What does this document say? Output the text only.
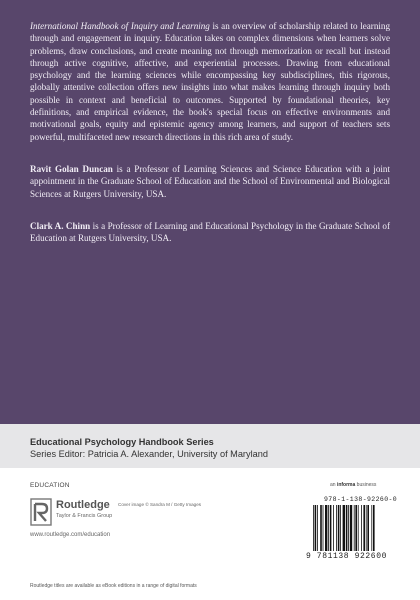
International Handbook of Inquiry and Learning is an overview of scholarship related to learning through and engagement in inquiry. Education takes on complex dimensions when learners solve problems, draw conclusions, and create meaning not through memorization or recall but instead through active cognitive, affective, and experiential processes. Drawing from educational psychology and the learning sciences while encompassing key subdisciplines, this rigorous, globally attentive collection offers new insights into what makes learning through inquiry both possible in context and beneficial to outcomes. Supported by foundational theories, key definitions, and empirical evidence, the book's special focus on effective environments and motivational goals, equity and epistemic agency among learners, and support of teachers sets powerful, multifaceted new research directions in this rich area of study.

Ravit Golan Duncan is a Professor of Learning Sciences and Science Education with a joint appointment in the Graduate School of Education and the School of Environmental and Biological Sciences at Rutgers University, USA.

Clark A. Chinn is a Professor of Learning and Educational Psychology in the Graduate School of Education at Rutgers University, USA.

Educational Psychology Handbook Series
Series Editor: Patricia A. Alexander, University of Maryland
EDUCATION
Routledge
Taylor & Francis Group
www.routledge.com/education
Cover image © Sandra M / Getty Images
an informa business
978-1-138-92260-0
9 781138 922600
Routledge titles are available as eBook editions in a range of digital formats
